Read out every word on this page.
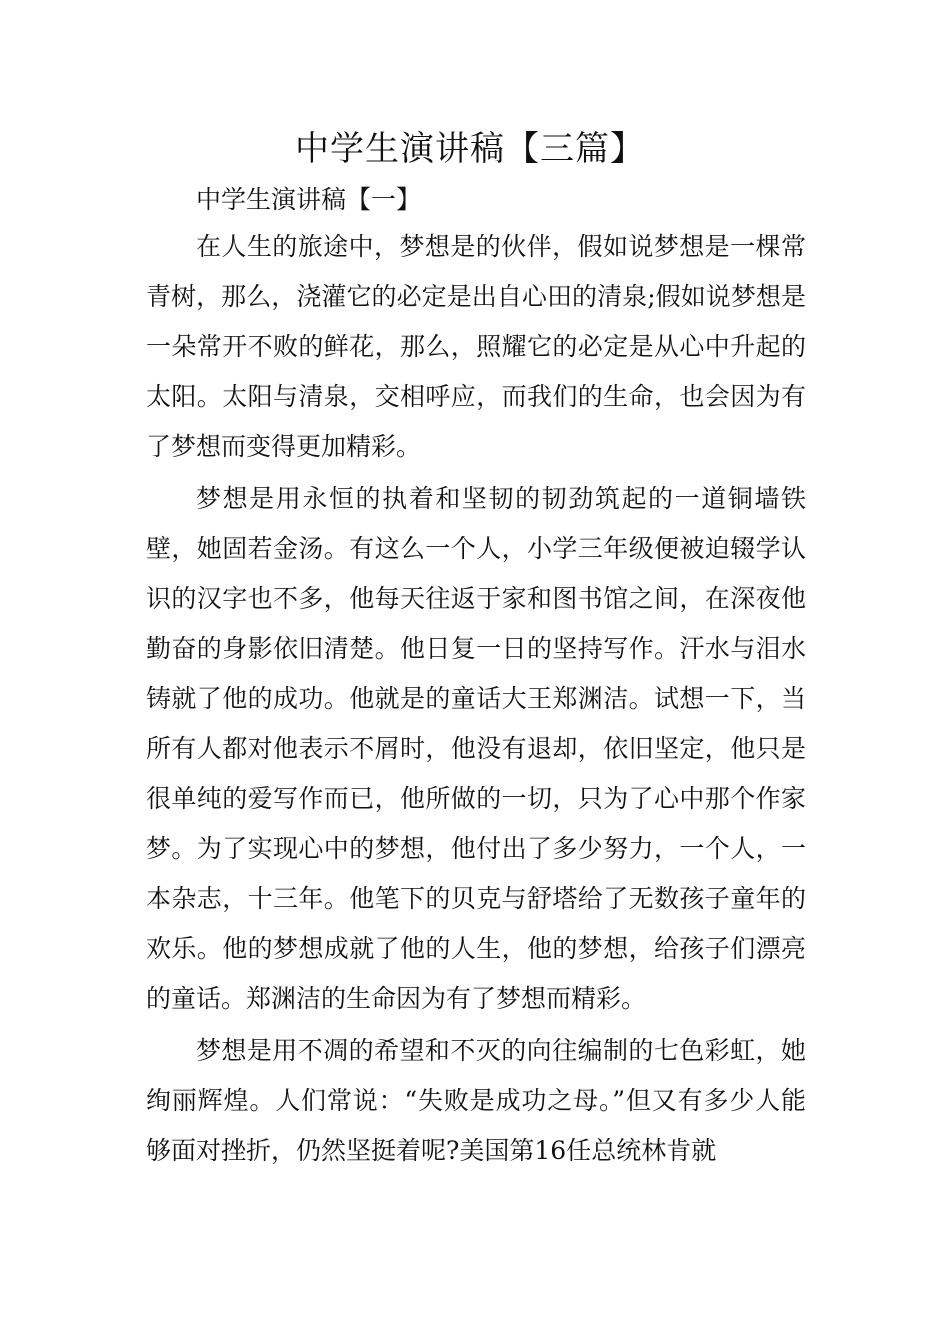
中学生演讲稿【三篇】

中学生演讲稿【一】

在人生的旅途中，梦想是的伙伴，假如说梦想是一棵常青树，那么，浇灌它的必定是出自心田的清泉;假如说梦想是一朵常开不败的鲜花，那么，照耀它的必定是从心中升起的太阳。太阳与清泉，交相呼应，而我们的生命，也会因为有了梦想而变得更加精彩。

梦想是用永恒的执着和坚韧的韧劲筑起的一道铜墙铁壁，她固若金汤。有这么一个人，小学三年级便被迫辍学认识的汉字也不多，他每天往返于家和图书馆之间，在深夜他勤奋的身影依旧清楚。他日复一日的坚持写作。汗水与泪水铸就了他的成功。他就是的童话大王郑渊洁。试想一下，当所有人都对他表示不屑时，他没有退却，依旧坚定，他只是很单纯的爱写作而已，他所做的一切，只为了心中那个作家梦。为了实现心中的梦想，他付出了多少努力，一个人，一本杂志，十三年。他笔下的贝克与舒塔给了无数孩子童年的欢乐。他的梦想成就了他的人生，他的梦想，给孩子们漂亮的童话。郑渊洁的生命因为有了梦想而精彩。

梦想是用不凋的希望和不灭的向往编制的七色彩虹，她绚丽辉煌。人们常说：“失败是成功之母。”但又有多少人能够面对挫折，仍然坚挺着呢?美国第16任总统林肯就
